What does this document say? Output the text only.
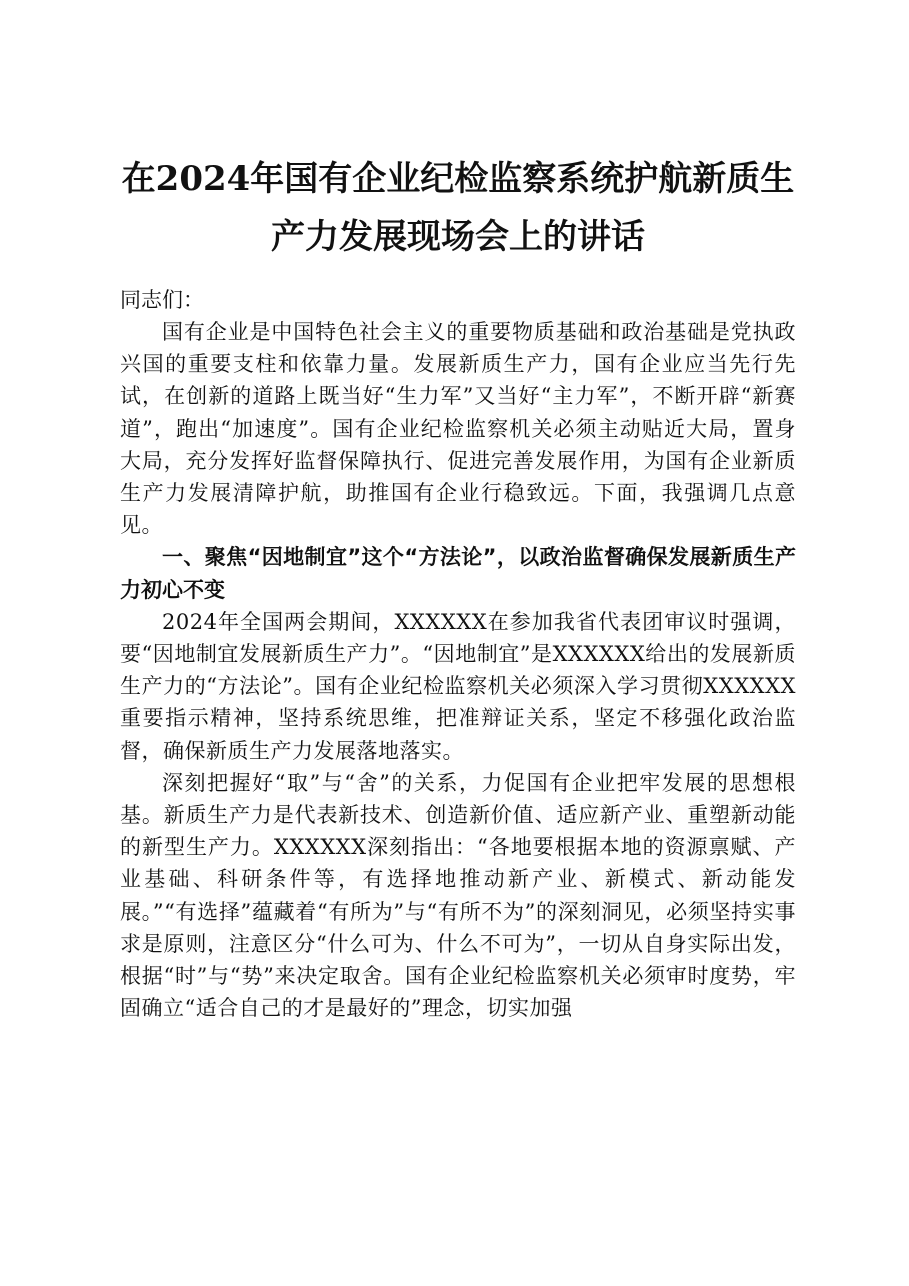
在2024年国有企业纪检监察系统护航新质生
产力发展现场会上的讲话

同志们：

国有企业是中国特色社会主义的重要物质基础和政治基础是党执政兴国的重要支柱和依靠力量。发展新质生产力，国有企业应当先行先试，在创新的道路上既当好“生力军”又当好“主力军”，不断开辟“新赛道”，跑出“加速度”。国有企业纪检监察机关必须主动贴近大局，置身大局，充分发挥好监督保障执行、促进完善发展作用，为国有企业新质生产力发展清障护航，助推国有企业行稳致远。下面，我强调几点意见。

一、聚焦“因地制宜”这个“方法论”，以政治监督确保发展新质生产力初心不变

2024年全国两会期间，XXXXXX在参加我省代表团审议时强调，要“因地制宜发展新质生产力”。“因地制宜”是XXXXXX给出的发展新质生产力的“方法论”。国有企业纪检监察机关必须深入学习贯彻XXXXXX重要指示精神，坚持系统思维，把准辩证关系，坚定不移强化政治监督，确保新质生产力发展落地落实。

深刻把握好“取”与“舍”的关系，力促国有企业把牢发展的思想根基。新质生产力是代表新技术、创造新价值、适应新产业、重塑新动能的新型生产力。XXXXXX深刻指出：“各地要根据本地的资源禀赋、产业基础、科研条件等，有选择地推动新产业、新模式、新动能发展。”“有选择”蕴藏着“有所为”与“有所不为”的深刻洞见，必须坚持实事求是原则，注意区分“什么可为、什么不可为”，一切从自身实际出发，根据“时”与“势”来决定取舍。国有企业纪检监察机关必须审时度势，牢固确立“适合自己的才是最好的”理念，切实加强
